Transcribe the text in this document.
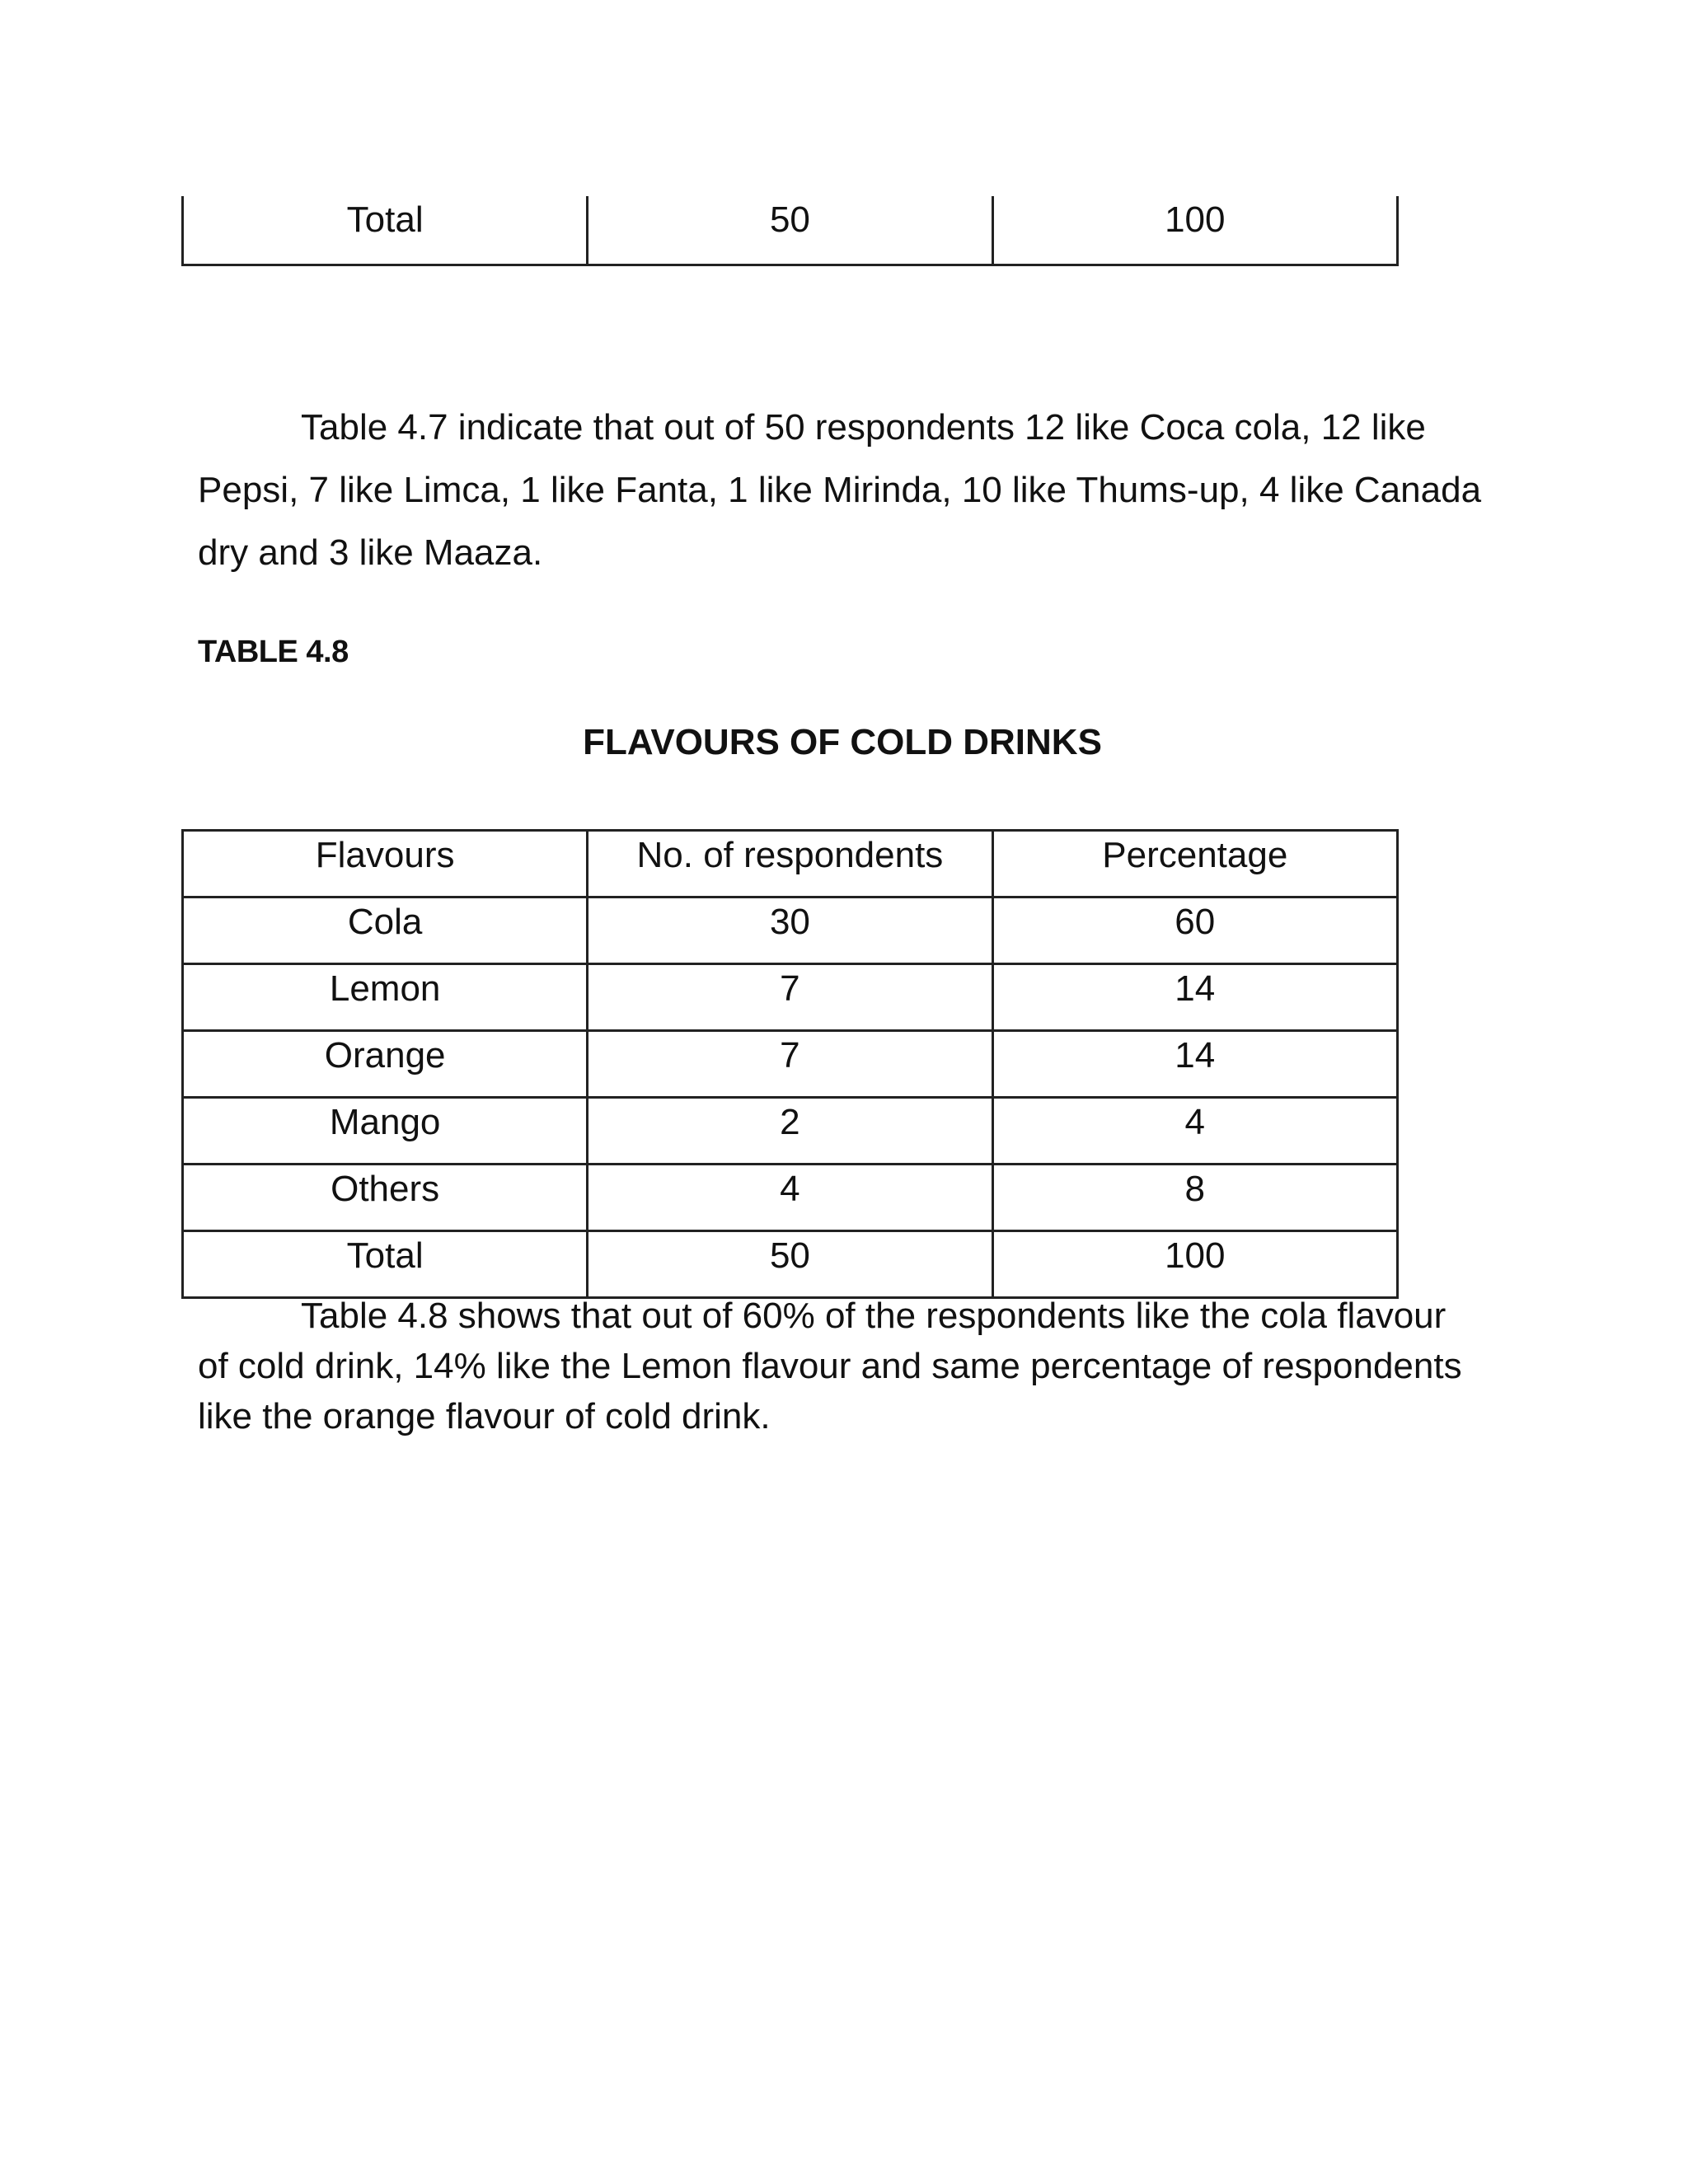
Total	50	100

Table 4.7 indicate that out of 50 respondents 12 like Coca cola, 12 like Pepsi, 7 like Limca, 1 like Fanta, 1 like Mirinda, 10 like Thums-up, 4 like Canada dry and 3 like Maaza.

TABLE 4.8
FLAVOURS OF COLD DRINKS
Flavours	No. of respondents	Percentage
Cola	30	60
Lemon	7	14
Orange	7	14
Mango	2	4
Others	4	8
Total	50	100

Table 4.8 shows that out of 60% of the respondents like the cola flavour of cold drink, 14% like the Lemon flavour and same percentage of respondents like the orange flavour of cold drink.
